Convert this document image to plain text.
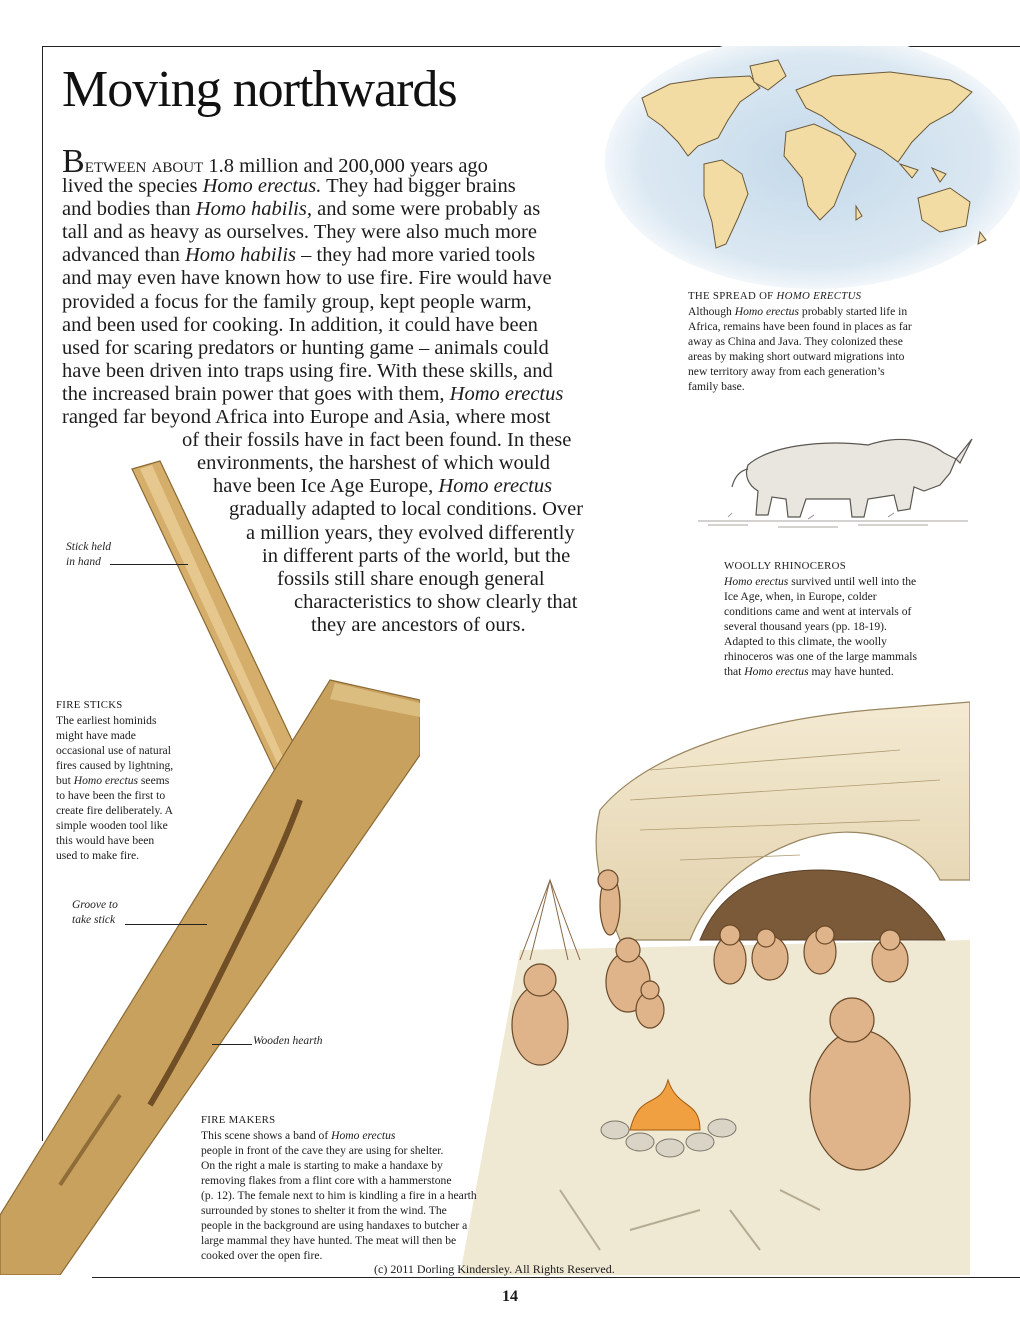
Moving northwards
Between about 1.8 million and 200,000 years ago
lived the species Homo erectus. They had bigger brains
and bodies than Homo habilis, and some were probably as
tall and as heavy as ourselves. They were also much more
advanced than Homo habilis – they had more varied tools
and may even have known how to use fire. Fire would have
provided a focus for the family group, kept people warm,
and been used for cooking. In addition, it could have been
used for scaring predators or hunting game – animals could
have been driven into traps using fire. With these skills, and
the increased brain power that goes with them, Homo erectus
ranged far beyond Africa into Europe and Asia, where most
of their fossils have in fact been found. In these
environments, the harshest of which would
have been Ice Age Europe, Homo erectus
gradually adapted to local conditions. Over
a million years, they evolved differently
in different parts of the world, but the
fossils still share enough general
characteristics to show clearly that
they are ancestors of ours.
THE SPREAD OF HOMO ERECTUS
Although Homo erectus probably started life in
Africa, remains have been found in places as far
away as China and Java. They colonized these
areas by making short outward migrations into
new territory away from each generation’s
family base.
WOOLLY RHINOCEROS
Homo erectus survived until well into the
Ice Age, when, in Europe, colder
conditions came and went at intervals of
several thousand years (pp. 18-19).
Adapted to this climate, the woolly
rhinoceros was one of the large mammals
that Homo erectus may have hunted.
Stick held
in hand
FIRE STICKS
The earliest hominids
might have made
occasional use of natural
fires caused by lightning,
but Homo erectus seems
to have been the first to
create fire deliberately. A
simple wooden tool like
this would have been
used to make fire.
Groove to
take stick
Wooden hearth
FIRE MAKERS
This scene shows a band of Homo erectus
people in front of the cave they are using for shelter.
On the right a male is starting to make a handaxe by
removing flakes from a flint core with a hammerstone
(p. 12). The female next to him is kindling a fire in a hearth
surrounded by stones to shelter it from the wind. The
people in the background are using handaxes to butcher a
large mammal they have hunted. The meat will then be
cooked over the open fire.
(c) 2011 Dorling Kindersley. All Rights Reserved.
14
